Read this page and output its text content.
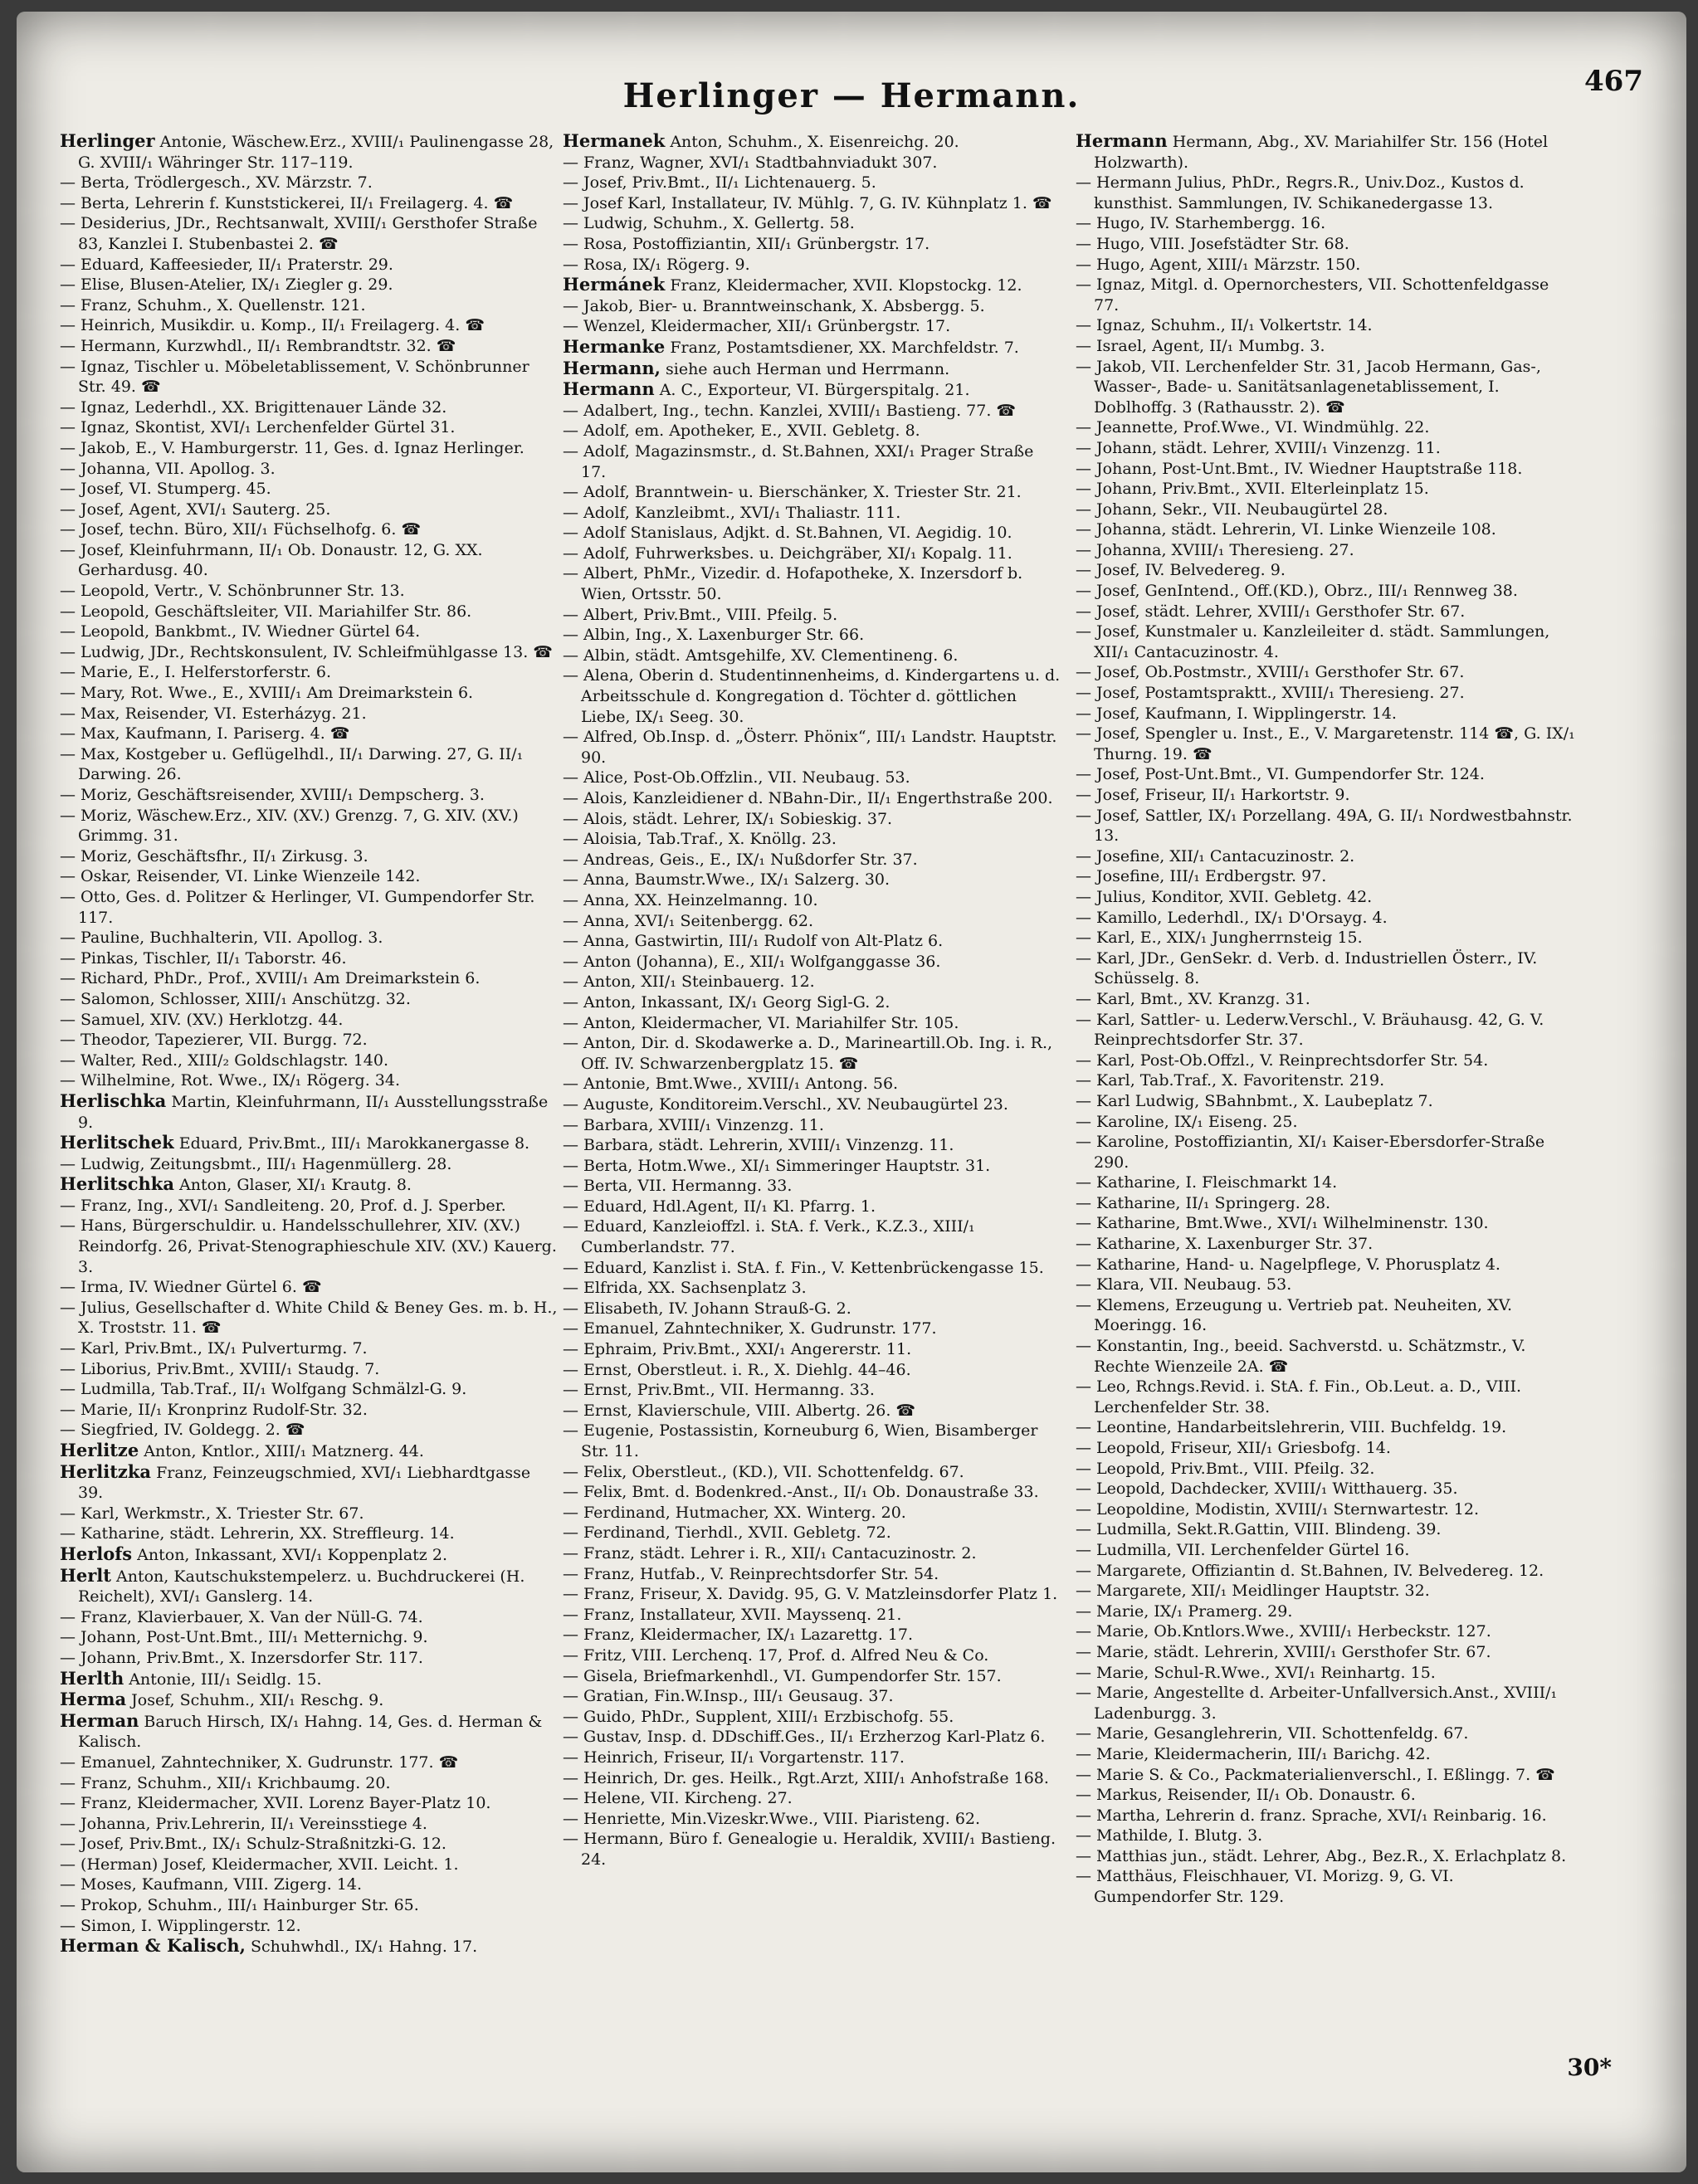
Herlinger — Hermann.	467

Herlinger Antonie, Wäschew.Erz., XVIII/₁ Paulinengasse 28, G. XVIII/₁ Währinger Str. 117–119.

— Berta, Trödlergesch., XV. Märzstr. 7.

— Berta, Lehrerin f. Kunststickerei, II/₁ Freilagerg. 4. ☎

— Desiderius, JDr., Rechtsanwalt, XVIII/₁ Gersthofer Straße 83, Kanzlei I. Stubenbastei 2. ☎

— Eduard, Kaffeesieder, II/₁ Praterstr. 29.

— Elise, Blusen-Atelier, IX/₁ Ziegler g. 29.

— Franz, Schuhm., X. Quellenstr. 121.

— Heinrich, Musikdir. u. Komp., II/₁ Freilagerg. 4. ☎

— Hermann, Kurzwhdl., II/₁ Rembrandtstr. 32. ☎

— Ignaz, Tischler u. Möbeletablissement, V. Schönbrunner Str. 49. ☎

— Ignaz, Lederhdl., XX. Brigittenauer Lände 32.

— Ignaz, Skontist, XVI/₁ Lerchenfelder Gürtel 31.

— Jakob, E., V. Hamburgerstr. 11, Ges. d. Ignaz Herlinger.

— Johanna, VII. Apollog. 3.

— Josef, VI. Stumperg. 45.

— Josef, Agent, XVI/₁ Sauterg. 25.

— Josef, techn. Büro, XII/₁ Füchselhofg. 6. ☎

— Josef, Kleinfuhrmann, II/₁ Ob. Donaustr. 12, G. XX. Gerhardusg. 40.

— Leopold, Vertr., V. Schönbrunner Str. 13.

— Leopold, Geschäftsleiter, VII. Mariahilfer Str. 86.

— Leopold, Bankbmt., IV. Wiedner Gürtel 64.

— Ludwig, JDr., Rechtskonsulent, IV. Schleifmühlgasse 13. ☎

— Marie, E., I. Helferstorferstr. 6.

— Mary, Rot. Wwe., E., XVIII/₁ Am Dreimarkstein 6.

— Max, Reisender, VI. Esterházyg. 21.

— Max, Kaufmann, I. Pariserg. 4. ☎

— Max, Kostgeber u. Geflügelhdl., II/₁ Darwing. 27, G. II/₁ Darwing. 26.

— Moriz, Geschäftsreisender, XVIII/₁ Dempscherg. 3.

— Moriz, Wäschew.Erz., XIV. (XV.) Grenzg. 7, G. XIV. (XV.) Grimmg. 31.

— Moriz, Geschäftsfhr., II/₁ Zirkusg. 3.

— Oskar, Reisender, VI. Linke Wienzeile 142.

— Otto, Ges. d. Politzer & Herlinger, VI. Gumpendorfer Str. 117.

— Pauline, Buchhalterin, VII. Apollog. 3.

— Pinkas, Tischler, II/₁ Taborstr. 46.

— Richard, PhDr., Prof., XVIII/₁ Am Dreimarkstein 6.

— Salomon, Schlosser, XIII/₁ Anschützg. 32.

— Samuel, XIV. (XV.) Herklotzg. 44.

— Theodor, Tapezierer, VII. Burgg. 72.

— Walter, Red., XIII/₂ Goldschlagstr. 140.

— Wilhelmine, Rot. Wwe., IX/₁ Rögerg. 34.

Herlischka Martin, Kleinfuhrmann, II/₁ Ausstellungsstraße 9.

Herlitschek Eduard, Priv.Bmt., III/₁ Marokkanergasse 8.

— Ludwig, Zeitungsbmt., III/₁ Hagenmüllerg. 28.

Herlitschka Anton, Glaser, XI/₁ Krautg. 8.

— Franz, Ing., XVI/₁ Sandleiteng. 20, Prof. d. J. Sperber.

— Hans, Bürgerschuldir. u. Handelsschullehrer, XIV. (XV.) Reindorfg. 26, Privat-Stenographieschule XIV. (XV.) Kauerg. 3.

— Irma, IV. Wiedner Gürtel 6. ☎

— Julius, Gesellschafter d. White Child & Beney Ges. m. b. H., X. Troststr. 11. ☎

— Karl, Priv.Bmt., IX/₁ Pulverturmg. 7.

— Liborius, Priv.Bmt., XVIII/₁ Staudg. 7.

— Ludmilla, Tab.Traf., II/₁ Wolfgang Schmälzl-G. 9.

— Marie, II/₁ Kronprinz Rudolf-Str. 32.

— Siegfried, IV. Goldegg. 2. ☎

Herlitze Anton, Kntlor., XIII/₁ Matznerg. 44.

Herlitzka Franz, Feinzeugschmied, XVI/₁ Liebhardtgasse 39.

— Karl, Werkmstr., X. Triester Str. 67.

— Katharine, städt. Lehrerin, XX. Streffleurg. 14.

Herlofs Anton, Inkassant, XVI/₁ Koppenplatz 2.

Herlt Anton, Kautschukstempelerz. u. Buchdruckerei (H. Reichelt), XVI/₁ Ganslerg. 14.

— Franz, Klavierbauer, X. Van der Nüll-G. 74.

— Johann, Post-Unt.Bmt., III/₁ Metternichg. 9.

— Johann, Priv.Bmt., X. Inzersdorfer Str. 117.

Herlth Antonie, III/₁ Seidlg. 15.

Herma Josef, Schuhm., XII/₁ Reschg. 9.

Herman Baruch Hirsch, IX/₁ Hahng. 14, Ges. d. Herman & Kalisch.

— Emanuel, Zahntechniker, X. Gudrunstr. 177. ☎

— Franz, Schuhm., XII/₁ Krichbaumg. 20.

— Franz, Kleidermacher, XVII. Lorenz Bayer-Platz 10.

— Johanna, Priv.Lehrerin, II/₁ Vereinsstiege 4.

— Josef, Priv.Bmt., IX/₁ Schulz-Straßnitzki-G. 12.

— (Herman) Josef, Kleidermacher, XVII. Leicht. 1.

— Moses, Kaufmann, VIII. Zigerg. 14.

— Prokop, Schuhm., III/₁ Hainburger Str. 65.

— Simon, I. Wipplingerstr. 12.

Herman & Kalisch, Schuhwhdl., IX/₁ Hahng. 17.

Hermanek Anton, Schuhm., X. Eisenreichg. 20.

— Franz, Wagner, XVI/₁ Stadtbahnviadukt 307.

— Josef, Priv.Bmt., II/₁ Lichtenauerg. 5.

— Josef Karl, Installateur, IV. Mühlg. 7, G. IV. Kühnplatz 1. ☎

— Ludwig, Schuhm., X. Gellertg. 58.

— Rosa, Postoffiziantin, XII/₁ Grünbergstr. 17.

— Rosa, IX/₁ Rögerg. 9.

Hermánek Franz, Kleidermacher, XVII. Klopstockg. 12.

— Jakob, Bier- u. Branntweinschank, X. Absbergg. 5.

— Wenzel, Kleidermacher, XII/₁ Grünbergstr. 17.

Hermanke Franz, Postamtsdiener, XX. Marchfeldstr. 7.

Hermann, siehe auch Herman und Herrmann.

Hermann A. C., Exporteur, VI. Bürgerspitalg. 21.

— Adalbert, Ing., techn. Kanzlei, XVIII/₁ Bastieng. 77. ☎

— Adolf, em. Apotheker, E., XVII. Gebletg. 8.

— Adolf, Magazinsmstr., d. St.Bahnen, XXI/₁ Prager Straße 17.

— Adolf, Branntwein- u. Bierschänker, X. Triester Str. 21.

— Adolf, Kanzleibmt., XVI/₁ Thaliastr. 111.

— Adolf Stanislaus, Adjkt. d. St.Bahnen, VI. Aegidig. 10.

— Adolf, Fuhrwerksbes. u. Deichgräber, XI/₁ Kopalg. 11.

— Albert, PhMr., Vizedir. d. Hofapotheke, X. Inzersdorf b. Wien, Ortsstr. 50.

— Albert, Priv.Bmt., VIII. Pfeilg. 5.

— Albin, Ing., X. Laxenburger Str. 66.

— Albin, städt. Amtsgehilfe, XV. Clementineng. 6.

— Alena, Oberin d. Studentinnenheims, d. Kindergartens u. d. Arbeitsschule d. Kongregation d. Töchter d. göttlichen Liebe, IX/₁ Seeg. 30.

— Alfred, Ob.Insp. d. „Österr. Phönix“, III/₁ Landstr. Hauptstr. 90.

— Alice, Post-Ob.Offzlin., VII. Neubaug. 53.

— Alois, Kanzleidiener d. NBahn-Dir., II/₁ Engerthstraße 200.

— Alois, städt. Lehrer, IX/₁ Sobieskig. 37.

— Aloisia, Tab.Traf., X. Knöllg. 23.

— Andreas, Geis., E., IX/₁ Nußdorfer Str. 37.

— Anna, Baumstr.Wwe., IX/₁ Salzerg. 30.

— Anna, XX. Heinzelmanng. 10.

— Anna, XVI/₁ Seitenbergg. 62.

— Anna, Gastwirtin, III/₁ Rudolf von Alt-Platz 6.

— Anton (Johanna), E., XII/₁ Wolfganggasse 36.

— Anton, XII/₁ Steinbauerg. 12.

— Anton, Inkassant, IX/₁ Georg Sigl-G. 2.

— Anton, Kleidermacher, VI. Mariahilfer Str. 105.

— Anton, Dir. d. Skodawerke a. D., Marineartill.Ob. Ing. i. R., Off. IV. Schwarzenbergplatz 15. ☎

— Antonie, Bmt.Wwe., XVIII/₁ Antong. 56.

— Auguste, Konditoreim.Verschl., XV. Neubaugürtel 23.

— Barbara, XVIII/₁ Vinzenzg. 11.

— Barbara, städt. Lehrerin, XVIII/₁ Vinzenzg. 11.

— Berta, Hotm.Wwe., XI/₁ Simmeringer Hauptstr. 31.

— Berta, VII. Hermanng. 33.

— Eduard, Hdl.Agent, II/₁ Kl. Pfarrg. 1.

— Eduard, Kanzleioffzl. i. StA. f. Verk., K.Z.3., XIII/₁ Cumberlandstr. 77.

— Eduard, Kanzlist i. StA. f. Fin., V. Kettenbrückengasse 15.

— Elfrida, XX. Sachsenplatz 3.

— Elisabeth, IV. Johann Strauß-G. 2.

— Emanuel, Zahntechniker, X. Gudrunstr. 177.

— Ephraim, Priv.Bmt., XXI/₁ Angererstr. 11.

— Ernst, Oberstleut. i. R., X. Diehlg. 44–46.

— Ernst, Priv.Bmt., VII. Hermanng. 33.

— Ernst, Klavierschule, VIII. Albertg. 26. ☎

— Eugenie, Postassistin, Korneuburg 6, Wien, Bisamberger Str. 11.

— Felix, Oberstleut., (KD.), VII. Schottenfeldg. 67.

— Felix, Bmt. d. Bodenkred.-Anst., II/₁ Ob. Donaustraße 33.

— Ferdinand, Hutmacher, XX. Winterg. 20.

— Ferdinand, Tierhdl., XVII. Gebletg. 72.

— Franz, städt. Lehrer i. R., XII/₁ Cantacuzinostr. 2.

— Franz, Hutfab., V. Reinprechtsdorfer Str. 54.

— Franz, Friseur, X. Davidg. 95, G. V. Matzleinsdorfer Platz 1.

— Franz, Installateur, XVII. Mayssenq. 21.

— Franz, Kleidermacher, IX/₁ Lazarettg. 17.

— Fritz, VIII. Lerchenq. 17, Prof. d. Alfred Neu & Co.

— Gisela, Briefmarkenhdl., VI. Gumpendorfer Str. 157.

— Gratian, Fin.W.Insp., III/₁ Geusaug. 37.

— Guido, PhDr., Supplent, XIII/₁ Erzbischofg. 55.

— Gustav, Insp. d. DDschiff.Ges., II/₁ Erzherzog Karl-Platz 6.

— Heinrich, Friseur, II/₁ Vorgartenstr. 117.

— Heinrich, Dr. ges. Heilk., Rgt.Arzt, XIII/₁ Anhofstraße 168.

— Helene, VII. Kircheng. 27.

— Henriette, Min.Vizeskr.Wwe., VIII. Piaristeng. 62.

— Hermann, Büro f. Genealogie u. Heraldik, XVIII/₁ Bastieng. 24.

Hermann Hermann, Abg., XV. Mariahilfer Str. 156 (Hotel Holzwarth).

— Hermann Julius, PhDr., Regrs.R., Univ.Doz., Kustos d. kunsthist. Sammlungen, IV. Schikanedergasse 13.

— Hugo, IV. Starhembergg. 16.

— Hugo, VIII. Josefstädter Str. 68.

— Hugo, Agent, XIII/₁ Märzstr. 150.

— Ignaz, Mitgl. d. Opernorchesters, VII. Schottenfeldgasse 77.

— Ignaz, Schuhm., II/₁ Volkertstr. 14.

— Israel, Agent, II/₁ Mumbg. 3.

— Jakob, VII. Lerchenfelder Str. 31, Jacob Hermann, Gas-, Wasser-, Bade- u. Sanitätsanlagenetablissement, I. Doblhoffg. 3 (Rathausstr. 2). ☎

— Jeannette, Prof.Wwe., VI. Windmühlg. 22.

— Johann, städt. Lehrer, XVIII/₁ Vinzenzg. 11.

— Johann, Post-Unt.Bmt., IV. Wiedner Hauptstraße 118.

— Johann, Priv.Bmt., XVII. Elterleinplatz 15.

— Johann, Sekr., VII. Neubaugürtel 28.

— Johanna, städt. Lehrerin, VI. Linke Wienzeile 108.

— Johanna, XVIII/₁ Theresieng. 27.

— Josef, IV. Belvedereg. 9.

— Josef, GenIntend., Off.(KD.), Obrz., III/₁ Rennweg 38.

— Josef, städt. Lehrer, XVIII/₁ Gersthofer Str. 67.

— Josef, Kunstmaler u. Kanzleileiter d. städt. Sammlungen, XII/₁ Cantacuzinostr. 4.

— Josef, Ob.Postmstr., XVIII/₁ Gersthofer Str. 67.

— Josef, Postamtspraktt., XVIII/₁ Theresieng. 27.

— Josef, Kaufmann, I. Wipplingerstr. 14.

— Josef, Spengler u. Inst., E., V. Margaretenstr. 114 ☎, G. IX/₁ Thurng. 19. ☎

— Josef, Post-Unt.Bmt., VI. Gumpendorfer Str. 124.

— Josef, Friseur, II/₁ Harkortstr. 9.

— Josef, Sattler, IX/₁ Porzellang. 49A, G. II/₁ Nordwestbahnstr. 13.

— Josefine, XII/₁ Cantacuzinostr. 2.

— Josefine, III/₁ Erdbergstr. 97.

— Julius, Konditor, XVII. Gebletg. 42.

— Kamillo, Lederhdl., IX/₁ D'Orsayg. 4.

— Karl, E., XIX/₁ Jungherrnsteig 15.

— Karl, JDr., GenSekr. d. Verb. d. Industriellen Österr., IV. Schüsselg. 8.

— Karl, Bmt., XV. Kranzg. 31.

— Karl, Sattler- u. Lederw.Verschl., V. Bräuhausg. 42, G. V. Reinprechtsdorfer Str. 37.

— Karl, Post-Ob.Offzl., V. Reinprechtsdorfer Str. 54.

— Karl, Tab.Traf., X. Favoritenstr. 219.

— Karl Ludwig, SBahnbmt., X. Laubeplatz 7.

— Karoline, IX/₁ Eiseng. 25.

— Karoline, Postoffiziantin, XI/₁ Kaiser-Ebersdorfer-Straße 290.

— Katharine, I. Fleischmarkt 14.

— Katharine, II/₁ Springerg. 28.

— Katharine, Bmt.Wwe., XVI/₁ Wilhelminenstr. 130.

— Katharine, X. Laxenburger Str. 37.

— Katharine, Hand- u. Nagelpflege, V. Phorusplatz 4.

— Klara, VII. Neubaug. 53.

— Klemens, Erzeugung u. Vertrieb pat. Neuheiten, XV. Moeringg. 16.

— Konstantin, Ing., beeid. Sachverstd. u. Schätzmstr., V. Rechte Wienzeile 2A. ☎

— Leo, Rchngs.Revid. i. StA. f. Fin., Ob.Leut. a. D., VIII. Lerchenfelder Str. 38.

— Leontine, Handarbeitslehrerin, VIII. Buchfeldg. 19.

— Leopold, Friseur, XII/₁ Griesbofg. 14.

— Leopold, Priv.Bmt., VIII. Pfeilg. 32.

— Leopold, Dachdecker, XVIII/₁ Witthauerg. 35.

— Leopoldine, Modistin, XVIII/₁ Sternwartestr. 12.

— Ludmilla, Sekt.R.Gattin, VIII. Blindeng. 39.

— Ludmilla, VII. Lerchenfelder Gürtel 16.

— Margarete, Offiziantin d. St.Bahnen, IV. Belvedereg. 12.

— Margarete, XII/₁ Meidlinger Hauptstr. 32.

— Marie, IX/₁ Pramerg. 29.

— Marie, Ob.Kntlors.Wwe., XVIII/₁ Herbeckstr. 127.

— Marie, städt. Lehrerin, XVIII/₁ Gersthofer Str. 67.

— Marie, Schul-R.Wwe., XVI/₁ Reinhartg. 15.

— Marie, Angestellte d. Arbeiter-Unfallversich.Anst., XVIII/₁ Ladenburgg. 3.

— Marie, Gesanglehrerin, VII. Schottenfeldg. 67.

— Marie, Kleidermacherin, III/₁ Barichg. 42.

— Marie S. & Co., Packmaterialienverschl., I. Eßlingg. 7. ☎

— Markus, Reisender, II/₁ Ob. Donaustr. 6.

— Martha, Lehrerin d. franz. Sprache, XVI/₁ Reinbarig. 16.

— Mathilde, I. Blutg. 3.

— Matthias jun., städt. Lehrer, Abg., Bez.R., X. Erlachplatz 8.

— Matthäus, Fleischhauer, VI. Morizg. 9, G. VI. Gumpendorfer Str. 129.

30*
